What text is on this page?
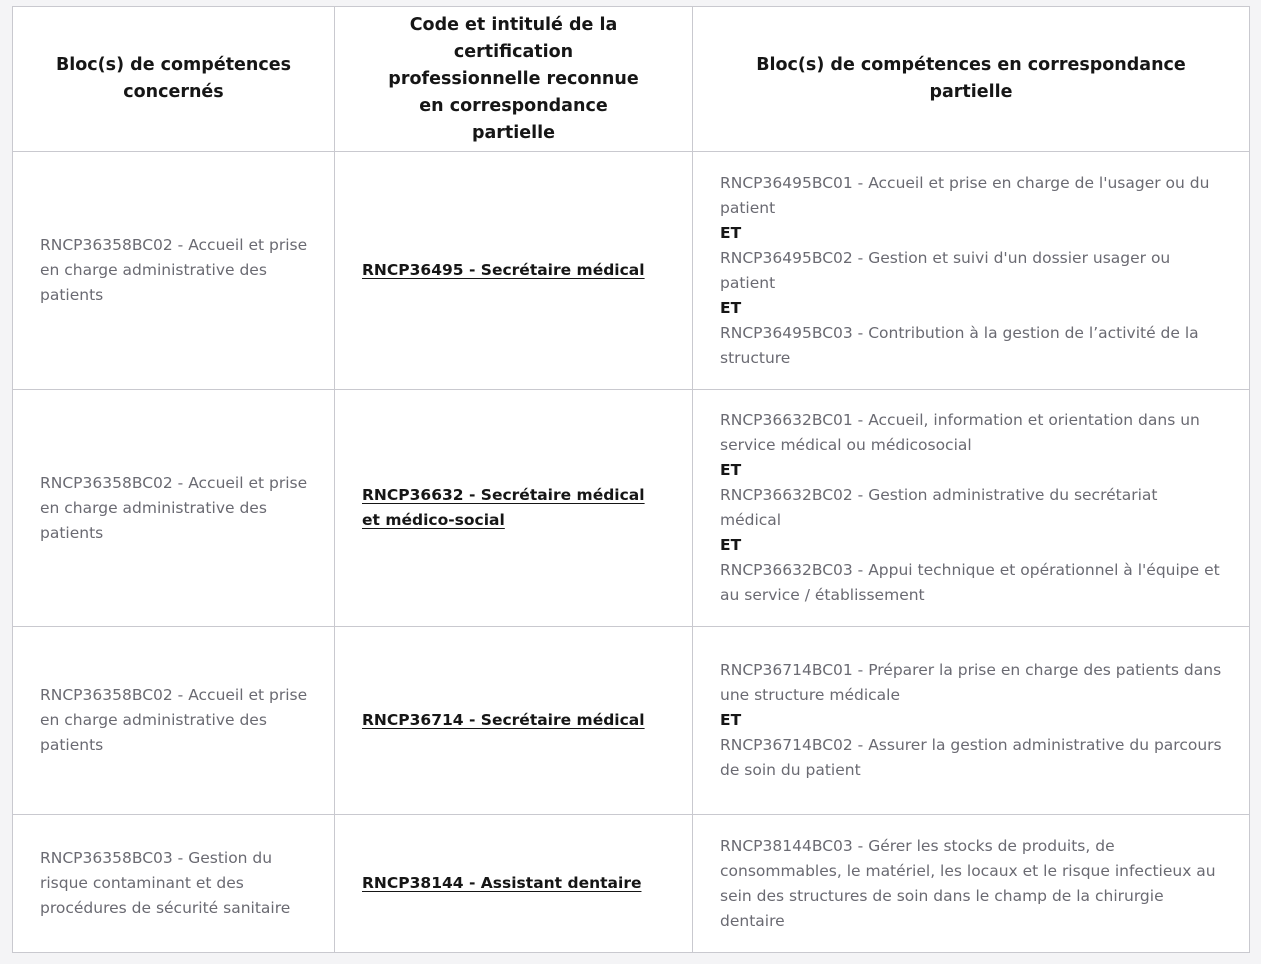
Bloc(s) de compétences concernés	Code et intitulé de la certification professionnelle reconnue en correspondance partielle	Bloc(s) de compétences en correspondance partielle
RNCP36358BC02 - Accueil et prise en charge administrative des patients	RNCP36495 - Secrétaire médical	RNCP36495BC01 - Accueil et prise en charge de l'usager ou du patient
ET
RNCP36495BC02 - Gestion et suivi d'un dossier usager ou patient
ET
RNCP36495BC03 - Contribution à la gestion de l’activité de la structure

RNCP36358BC02 - Accueil et prise en charge administrative des patients	RNCP36632 - Secrétaire médical et médico-social	RNCP36632BC01 - Accueil, information et orientation dans un service médical ou médicosocial
ET
RNCP36632BC02 - Gestion administrative du secrétariat médical
ET
RNCP36632BC03 - Appui technique et opérationnel à l'équipe et au service / établissement

RNCP36358BC02 - Accueil et prise en charge administrative des patients	RNCP36714 - Secrétaire médical	RNCP36714BC01 - Préparer la prise en charge des patients dans une structure médicale
ET
RNCP36714BC02 - Assurer la gestion administrative du parcours de soin du patient

RNCP36358BC03 - Gestion du risque contaminant et des procédures de sécurité sanitaire	RNCP38144 - Assistant dentaire	RNCP38144BC03 - Gérer les stocks de produits, de consommables, le matériel, les locaux et le risque infectieux au sein des structures de soin dans le champ de la chirurgie dentaire
